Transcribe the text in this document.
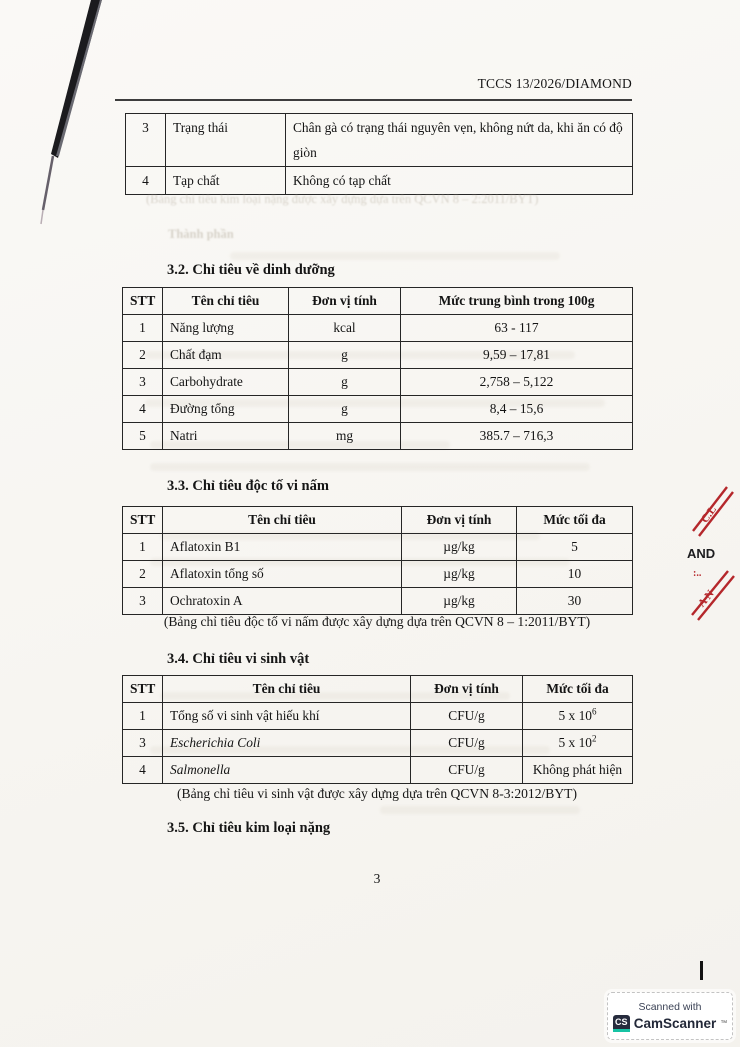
TCCS 13/2026/DIAMOND
3	Trạng thái	Chân gà có trạng thái nguyên vẹn, không nứt da, khi ăn có độ giòn
4	Tạp chất	Không có tạp chất
(Bảng chỉ tiêu kim loại nặng được xây dựng dựa trên QCVN 8 – 2:2011/BYT)
Thành phần
3.2. Chỉ tiêu về dinh dưỡng
STT	Tên chỉ tiêu	Đơn vị tính	Mức trung bình trong 100g
1	Năng lượng	kcal	63 - 117
2	Chất đạm	g	9,59 – 17,81
3	Carbohydrate	g	2,758 – 5,122
4	Đường tổng	g	8,4 – 15,6
5	Natri	mg	385.7 – 716,3
3.3. Chỉ tiêu độc tố vi nấm
STT	Tên chỉ tiêu	Đơn vị tính	Mức tối đa
1	Aflatoxin B1	µg/kg	5
2	Aflatoxin tổng số	µg/kg	10
3	Ochratoxin A	µg/kg	30
(Bảng chỉ tiêu độc tố vi nấm được xây dựng dựa trên QCVN 8 – 1:2011/BYT)
3.4. Chỉ tiêu vi sinh vật
STT	Tên chỉ tiêu	Đơn vị tính	Mức tối đa
1	Tổng số vi sinh vật hiếu khí	CFU/g	5 x $10^6$
3	Escherichia Coli	CFU/g	5 x $10^2$
4	Salmonella	CFU/g	Không phát hiện
(Bảng chỉ tiêu vi sinh vật được xây dựng dựa trên QCVN 8-3:2012/BYT)
3.5. Chỉ tiêu kim loại nặng
3
C.L
AND
:..
A N
Scanned with
CS CamScanner ™
